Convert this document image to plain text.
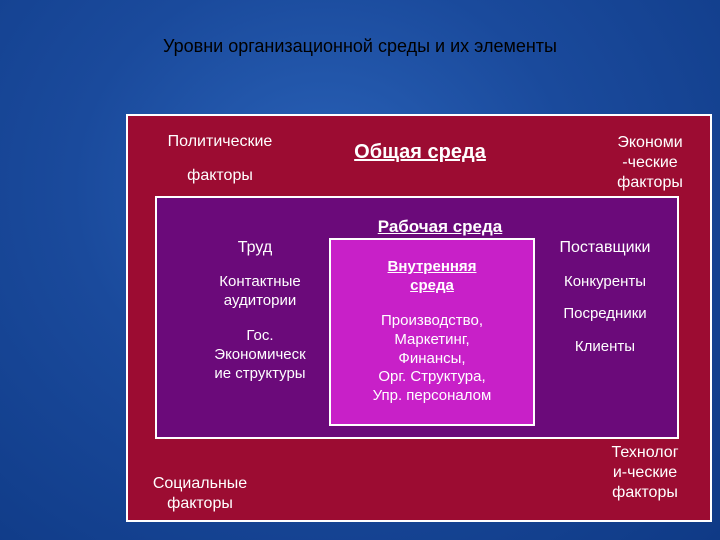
Уровни организационной среды и их элементы
Политические
факторы
Общая среда	Экономи
-ческие
факторы
Социальные
факторы
Технолог
и-ческие
факторы
Рабочая среда
Труд
Контактные
аудитории
Гос.
Экономическ
ие структуры
Поставщики
Конкуренты
Посредники
Клиенты
Внутренняя
среда
Производство,
Маркетинг,
Финансы,
Орг. Структура,
Упр. персоналом
